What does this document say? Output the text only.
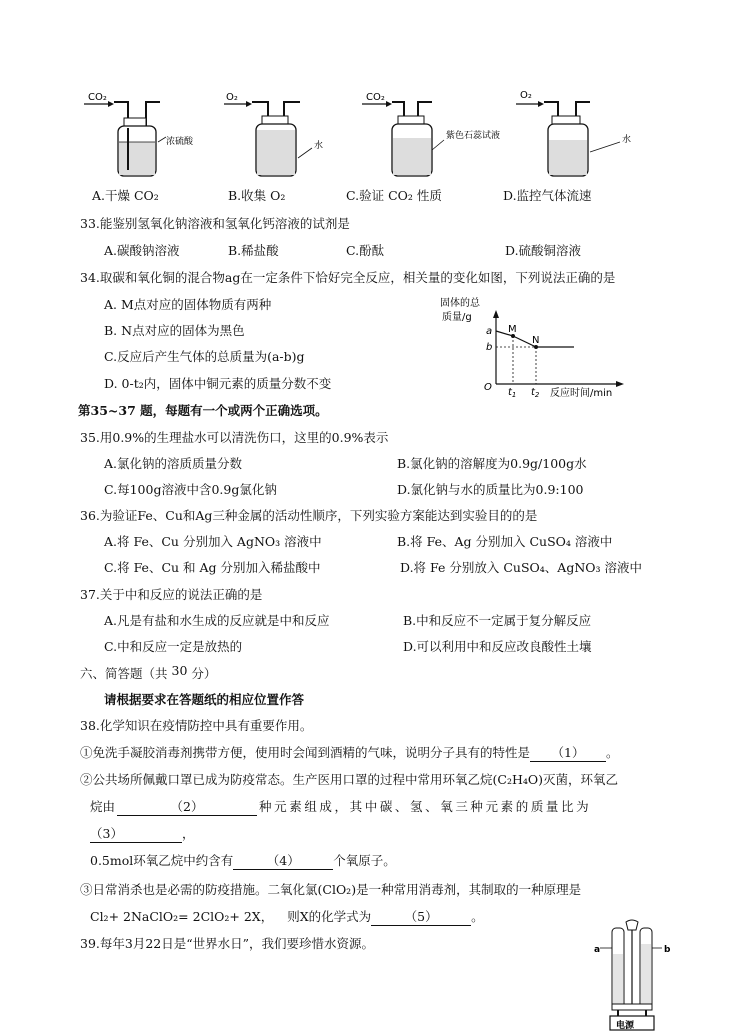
CO₂
浓硫酸
O₂
水
CO₂
紫色石蕊试液
O₂
水
A.干燥 CO₂	B.收集 O₂	C.验证 CO₂ 性质	D.监控气体流速
33.能鉴别氢氧化钠溶液和氢氧化钙溶液的试剂是
A.碳酸钠溶液	B.稀盐酸	C.酚酞	D.硫酸铜溶液
34.取碳和氧化铜的混合物ag在一定条件下恰好完全反应，相关量的变化如图，下列说法正确的是
A. M点对应的固体物质有两种
B. N点对应的固体为黑色
C.反应后产生气体的总质量为(a-b)g
D. 0-t₂内，固体中铜元素的质量分数不变
固体的总
质量/g
O
a
b
M
N
$t_1$ $t_2$ 反应时间/min
第35~37 题，每题有一个或两个正确选项。
35.用0.9%的生理盐水可以清洗伤口，这里的0.9%表示
A.氯化钠的溶质质量分数	B.氯化钠的溶解度为0.9g/100g水
C.每100g溶液中含0.9g氯化钠	D.氯化钠与水的质量比为0.9:100
36.为验证Fe、Cu和Ag三种金属的活动性顺序，下列实验方案能达到实验目的的是
A.将 Fe、Cu 分别加入 AgNO₃ 溶液中	B.将 Fe、Ag 分别加入 CuSO₄ 溶液中
C.将 Fe、Cu 和 Ag 分别加入稀盐酸中	D.将 Fe 分别放入 CuSO₄、AgNO₃ 溶液中
37.关于中和反应的说法正确的是
A.凡是有盐和水生成的反应就是中和反应	B.中和反应不一定属于复分解反应
C.中和反应一定是放热的	D.可以利用中和反应改良酸性土壤
六、简答题（共 30 分）
请根据要求在答题纸的相应位置作答
38.化学知识在疫情防控中具有重要作用。
①免洗手凝胶消毒剂携带方便，使用时会闻到酒精的气味，说明分子具有的特性是 （1） 。
②公共场所佩戴口罩已成为防疫常态。生产医用口罩的过程中常用环氧乙烷(C₂H₄O)灭菌，环氧乙
烷由	（2）	种元素组成，其中碳、氢、氧三种元素的质量比为
（3）	，
0.5mol环氧乙烷中约含有	（4）	个氧原子。
③日常消杀也是必需的防疫措施。二氧化氯(ClO₂)是一种常用消毒剂，其制取的一种原理是
Cl₂+ 2NaClO₂= 2ClO₂+ 2X， 则X的化学式为	（5）	。
39.每年3月22日是“世界水日”，我们要珍惜水资源。	a	b
电源
